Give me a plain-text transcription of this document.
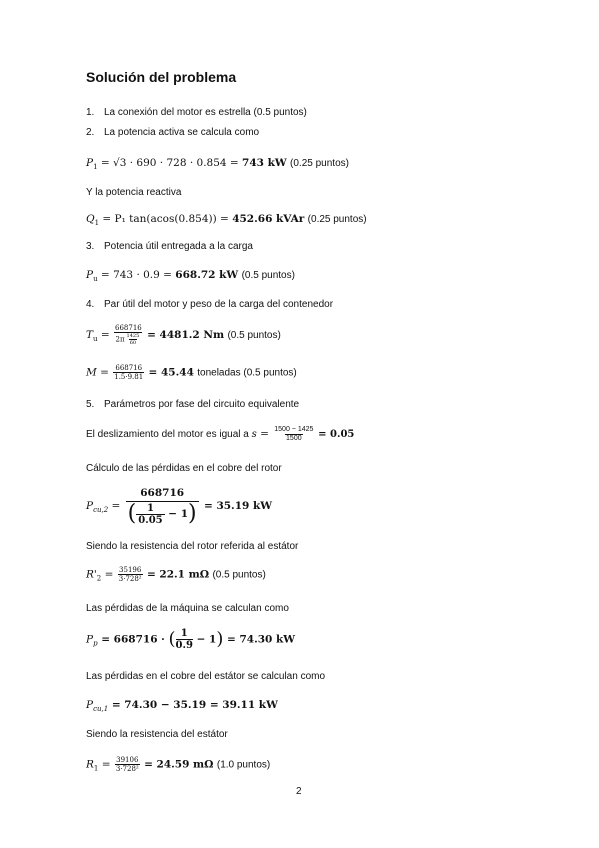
Solución del problema
1. La conexión del motor es estrella (0.5 puntos)
2. La potencia activa se calcula como
$P_1 = √3 \cdot 690 \cdot 728 \cdot 0.854 = 743$ kW (0.25 puntos)
Y la potencia reactiva
$Q_1 = P_1$ tan(acos(0.854)) = 452.66 kVAr (0.25 puntos)
3. Potencia útil entregada a la carga
$P_u = 743 \cdot 0.9 = 668.72$ kW (0.5 puntos)
4. Par útil del motor y peso de la carga del contenedor
$T_u = \frac{668716}{2\pi \frac{1425}{60}} = 4481.2$ Nm (0.5 puntos)
$M = \frac{668716}{1.5\cdot 9.81} = 45.44$ toneladas (0.5 puntos)
5. Parámetros por fase del circuito equivalente
El deslizamiento del motor es igual a $s = \frac{1500 - 1425}{1500} = 0.05$
Cálculo de las pérdidas en el cobre del rotor
$P_{cu,2} = \frac{668716}{( \frac{1}{0.05} - 1)} = 35.19$ kW
Siendo la resistencia del rotor referida al estátor
$R'_2 = \frac{35196}{\text{3·728²}} = 22.1$ mΩ (0.5 puntos)
Las pérdidas de la máquina se calculan como
$P_p = 668716$ · ( $\frac{1}{0.9} - 1) = 74.30$ kW
Las pérdidas en el cobre del estátor se calculan como
$P_{cu,1} = 74.30 - 35.19 = 39.11$ kW
Siendo la resistencia del estátor
$R_1 = \frac{39106}{\text{3·728²}} = 24.59$ mΩ (1.0 puntos)
2
